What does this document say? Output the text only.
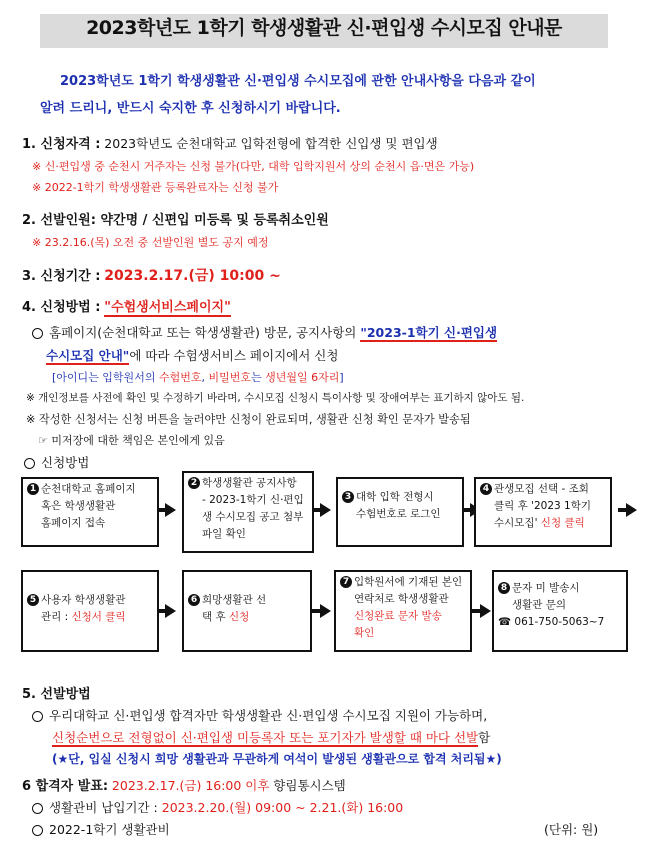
2023학년도 1학기 학생생활관 신·편입생 수시모집 안내문
2023학년도 1학기 학생생활관 신·편입생 수시모집에 관한 안내사항을 다음과 같이
알려 드리니, 반드시 숙지한 후 신청하시기 바랍니다.
1. 신청자격 : 2023학년도 순천대학교 입학전형에 합격한 신입생 및 편입생
※ 신·편입생 중 순천시 거주자는 신청 불가(다만, 대학 입학지원서 상의 순천시 읍·면은 가능)
※ 2022-1학기 학생생활관 등록완료자는 신청 불가
2. 선발인원: 약간명 / 신편입 미등록 및 등록취소인원
※ 23.2.16.(목) 오전 중 선발인원 별도 공지 예정
3. 신청기간 : 2023.2.17.(금) 10:00 ~
4. 신청방법 : "수험생서비스페이지"
홈페이지(순천대학교 또는 학생생활관) 방문, 공지사항의 "2023-1학기 신·편입생
수시모집 안내"에 따라 수험생서비스 페이지에서 신청
[아이디는 입학원서의 수험번호, 비밀번호는 생년월일 6자리]
※ 개인정보를 사전에 확인 및 수정하기 바라며, 수시모집 신청시 특이사항 및 장애여부는 표기하지 않아도 됨.
※ 작성한 신청서는 신청 버튼을 눌러야만 신청이 완료되며, 생활관 신청 확인 문자가 발송됨
☞ 미저장에 대한 책임은 본인에게 있음
신청방법
1 순천대학교 홈페이지
혹은 학생생활관
홈페이지 접속
2 학생생활관 공지사항
- 2023-1학기 신·편입
생 수시모집 공고 첨부
파일 확인
3 대학 입학 전형시
수험번호로 로그인
4 관생모집 선택 - 조회
클릭 후 '2023 1학기
수시모집' 신청 클릭
5 사용자 학생생활관
관리 : 신청서 클릭
6 희망생활관 선
택 후 신청
7 입학원서에 기재된 본인
연락처로 학생생활관
신청완료 문자 발송
확인
8 문자 미 발송시
생활관 문의
☎ 061-750-5063~7
5. 선발방법
우리대학교 신·편입생 합격자만 학생생활관 신·편입생 수시모집 지원이 가능하며,
신청순번으로 전형없이 신·편입생 미등록자 또는 포기자가 발생할 때 마다 선발함
(★단, 입실 신청시 희망 생활관과 무관하게 여석이 발생된 생활관으로 합격 처리됨★)
6 합격자 발표: 2023.2.17.(금) 16:00 이후 향림통시스템
생활관비 납입기간 : 2023.2.20.(월) 09:00 ~ 2.21.(화) 16:00
2022-1학기 생활관비	(단위: 원)
